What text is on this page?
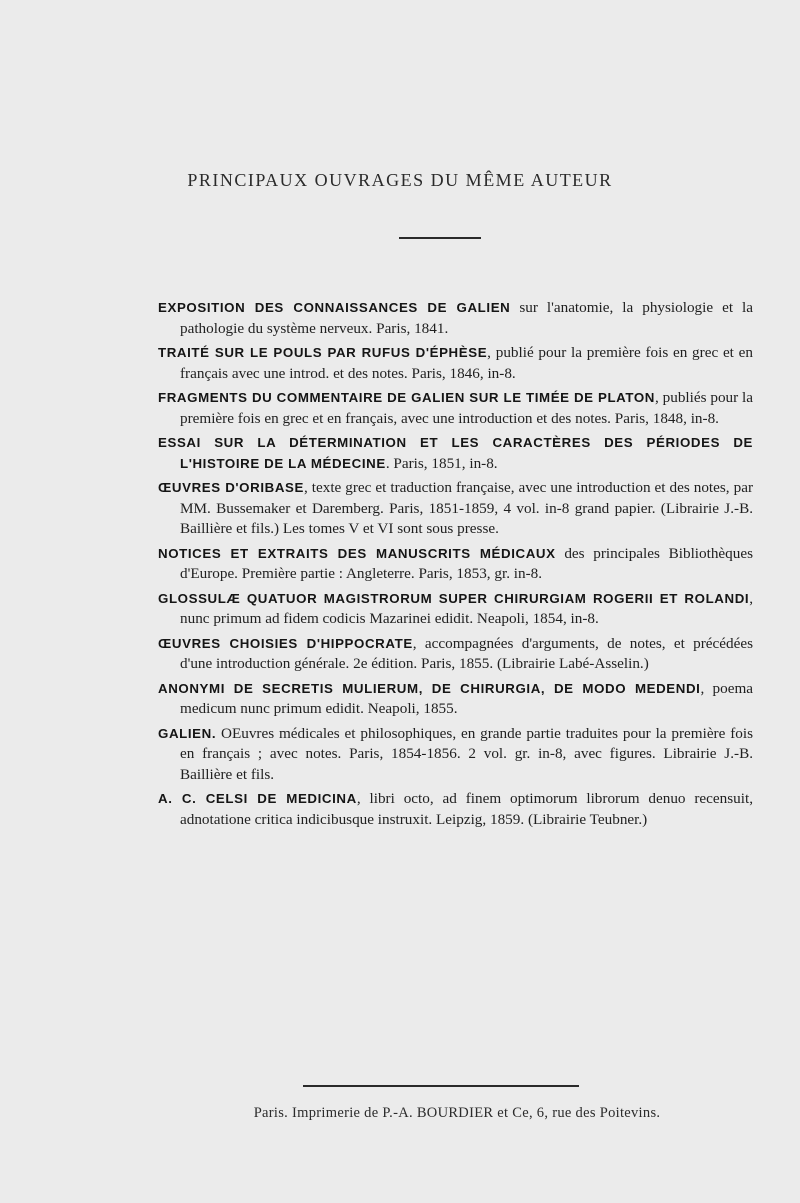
PRINCIPAUX OUVRAGES DU MÊME AUTEUR

EXPOSITION DES CONNAISSANCES DE GALIEN sur l'anatomie, la physiologie et la pathologie du système nerveux. Paris, 1841.

TRAITÉ SUR LE POULS PAR RUFUS D'ÉPHÈSE, publié pour la première fois en grec et en français avec une introd. et des notes. Paris, 1846, in-8.

FRAGMENTS DU COMMENTAIRE DE GALIEN SUR LE TIMÉE DE PLATON, publiés pour la première fois en grec et en français, avec une introduction et des notes. Paris, 1848, in-8.

ESSAI SUR LA DÉTERMINATION ET LES CARACTÈRES DES PÉRIODES DE L'HISTOIRE DE LA MÉDECINE. Paris, 1851, in-8.

ŒUVRES D'ORIBASE, texte grec et traduction française, avec une introduction et des notes, par MM. Bussemaker et Daremberg. Paris, 1851-1859, 4 vol. in-8 grand papier. (Librairie J.-B. Baillière et fils.) Les tomes V et VI sont sous presse.

NOTICES ET EXTRAITS DES MANUSCRITS MÉDICAUX des principales Bibliothèques d'Europe. Première partie : Angleterre. Paris, 1853, gr. in-8.

GLOSSULÆ QUATUOR MAGISTRORUM SUPER CHIRURGIAM ROGERII ET ROLANDI, nunc primum ad fidem codicis Mazarinei edidit. Neapoli, 1854, in-8.

ŒUVRES CHOISIES D'HIPPOCRATE, accompagnées d'arguments, de notes, et précédées d'une introduction générale. 2e édition. Paris, 1855. (Librairie Labé-Asselin.)

ANONYMI DE SECRETIS MULIERUM, DE CHIRURGIA, DE MODO MEDENDI, poema medicum nunc primum edidit. Neapoli, 1855.

GALIEN. OEuvres médicales et philosophiques, en grande partie traduites pour la première fois en français ; avec notes. Paris, 1854-1856. 2 vol. gr. in-8, avec figures. Librairie J.-B. Baillière et fils.

A. C. CELSI DE MEDICINA, libri octo, ad finem optimorum librorum denuo recensuit, adnotatione critica indicibusque instruxit. Leipzig, 1859. (Librairie Teubner.)

Paris. Imprimerie de P.-A. BOURDIER et Ce, 6, rue des Poitevins.
